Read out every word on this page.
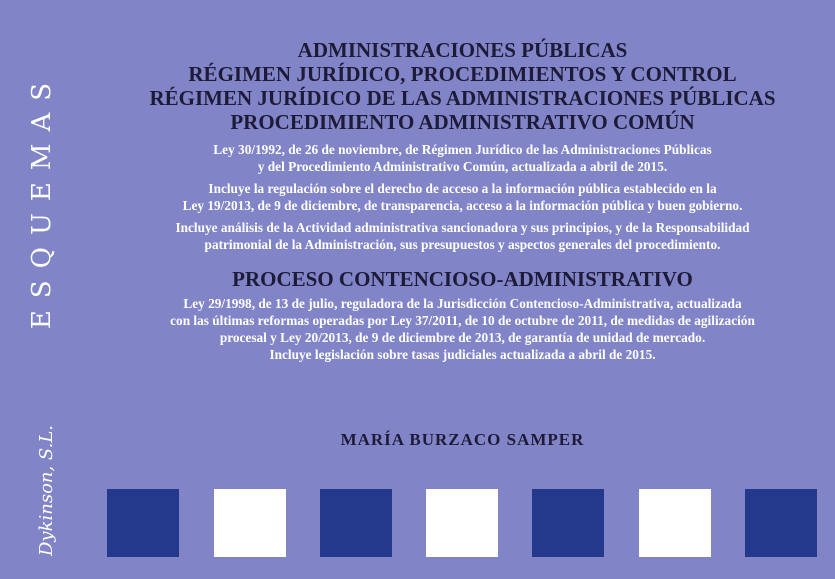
ESQUEMAS
Dykinson, S.L.
ADMINISTRACIONES PÚBLICAS
RÉGIMEN JURÍDICO, PROCEDIMIENTOS Y CONTROL
RÉGIMEN JURÍDICO DE LAS ADMINISTRACIONES PÚBLICAS
PROCEDIMIENTO ADMINISTRATIVO COMÚN
Ley 30/1992, de 26 de noviembre, de Régimen Jurídico de las Administraciones Públicas
y del Procedimiento Administrativo Común, actualizada a abril de 2015.
Incluye la regulación sobre el derecho de acceso a la información pública establecido en la
Ley 19/2013, de 9 de diciembre, de transparencia, acceso a la información pública y buen gobierno.
Incluye análisis de la Actividad administrativa sancionadora y sus principios, y de la Responsabilidad
patrimonial de la Administración, sus presupuestos y aspectos generales del procedimiento.
PROCESO CONTENCIOSO-ADMINISTRATIVO
Ley 29/1998, de 13 de julio, reguladora de la Jurisdicción Contencioso-Administrativa, actualizada
con las últimas reformas operadas por Ley 37/2011, de 10 de octubre de 2011, de medidas de agilización
procesal y Ley 20/2013, de 9 de diciembre de 2013, de garantía de unidad de mercado.
Incluye legislación sobre tasas judiciales actualizada a abril de 2015.
MARÍA BURZACO SAMPER
